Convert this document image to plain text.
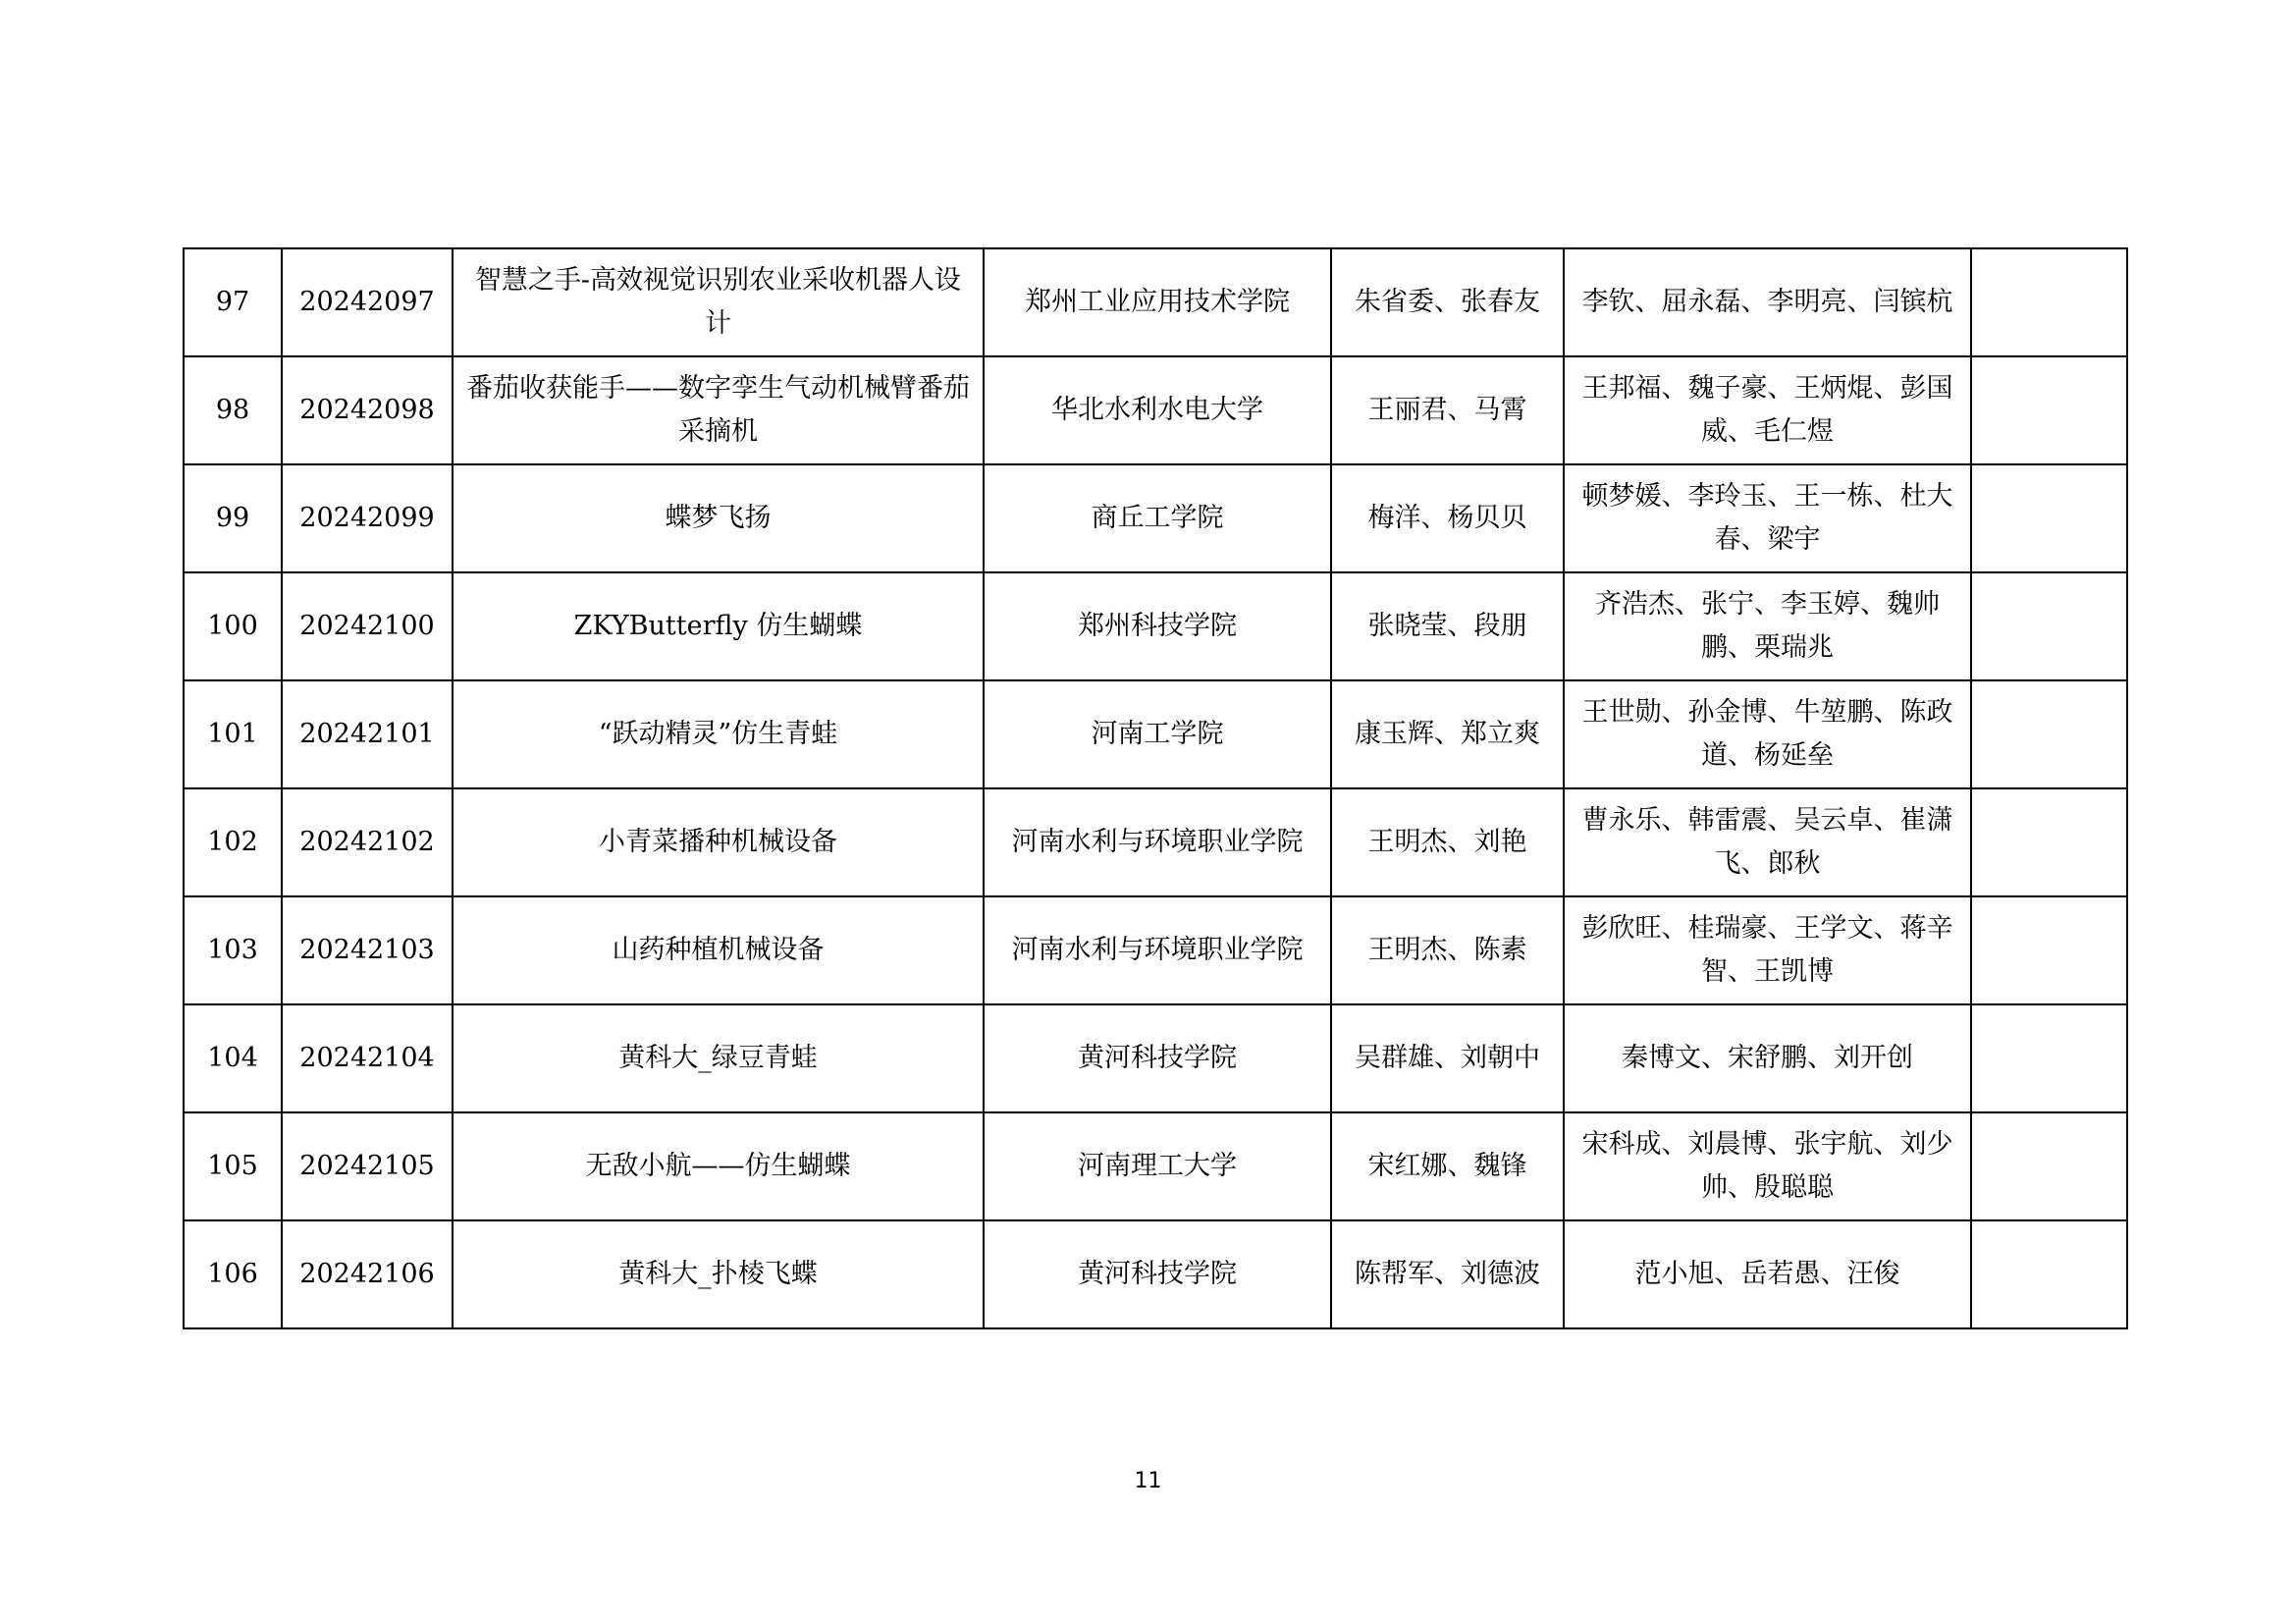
97	20242097	智慧之手-高效视觉识别农业采收机器人设计	郑州工业应用技术学院	朱省委、张春友	李钦、屈永磊、李明亮、闫镔杭	
98	20242098	番茄收获能手——数字孪生气动机械臂番茄采摘机	华北水利水电大学	王丽君、马霄	王邦福、魏子豪、王炳焜、彭国威、毛仁煜	
99	20242099	蝶梦飞扬	商丘工学院	梅洋、杨贝贝	顿梦媛、李玲玉、王一栋、杜大春、梁宇	
100	20242100	ZKYButterfly 仿生蝴蝶	郑州科技学院	张晓莹、段朋	齐浩杰、张宁、李玉婷、魏帅鹏、栗瑞兆	
101	20242101	“跃动精灵”仿生青蛙	河南工学院	康玉辉、郑立爽	王世勋、孙金博、牛堃鹏、陈政道、杨延垒	
102	20242102	小青菜播种机械设备	河南水利与环境职业学院	王明杰、刘艳	曹永乐、韩雷震、吴云卓、崔潇飞、郎秋	
103	20242103	山药种植机械设备	河南水利与环境职业学院	王明杰、陈素	彭欣旺、桂瑞豪、王学文、蒋辛智、王凯博	
104	20242104	黄科大_绿豆青蛙	黄河科技学院	吴群雄、刘朝中	秦博文、宋舒鹏、刘开创	
105	20242105	无敌小航——仿生蝴蝶	河南理工大学	宋红娜、魏锋	宋科成、刘晨博、张宇航、刘少帅、殷聪聪	
106	20242106	黄科大_扑棱飞蝶	黄河科技学院	陈帮军、刘德波	范小旭、岳若愚、汪俊	
11
